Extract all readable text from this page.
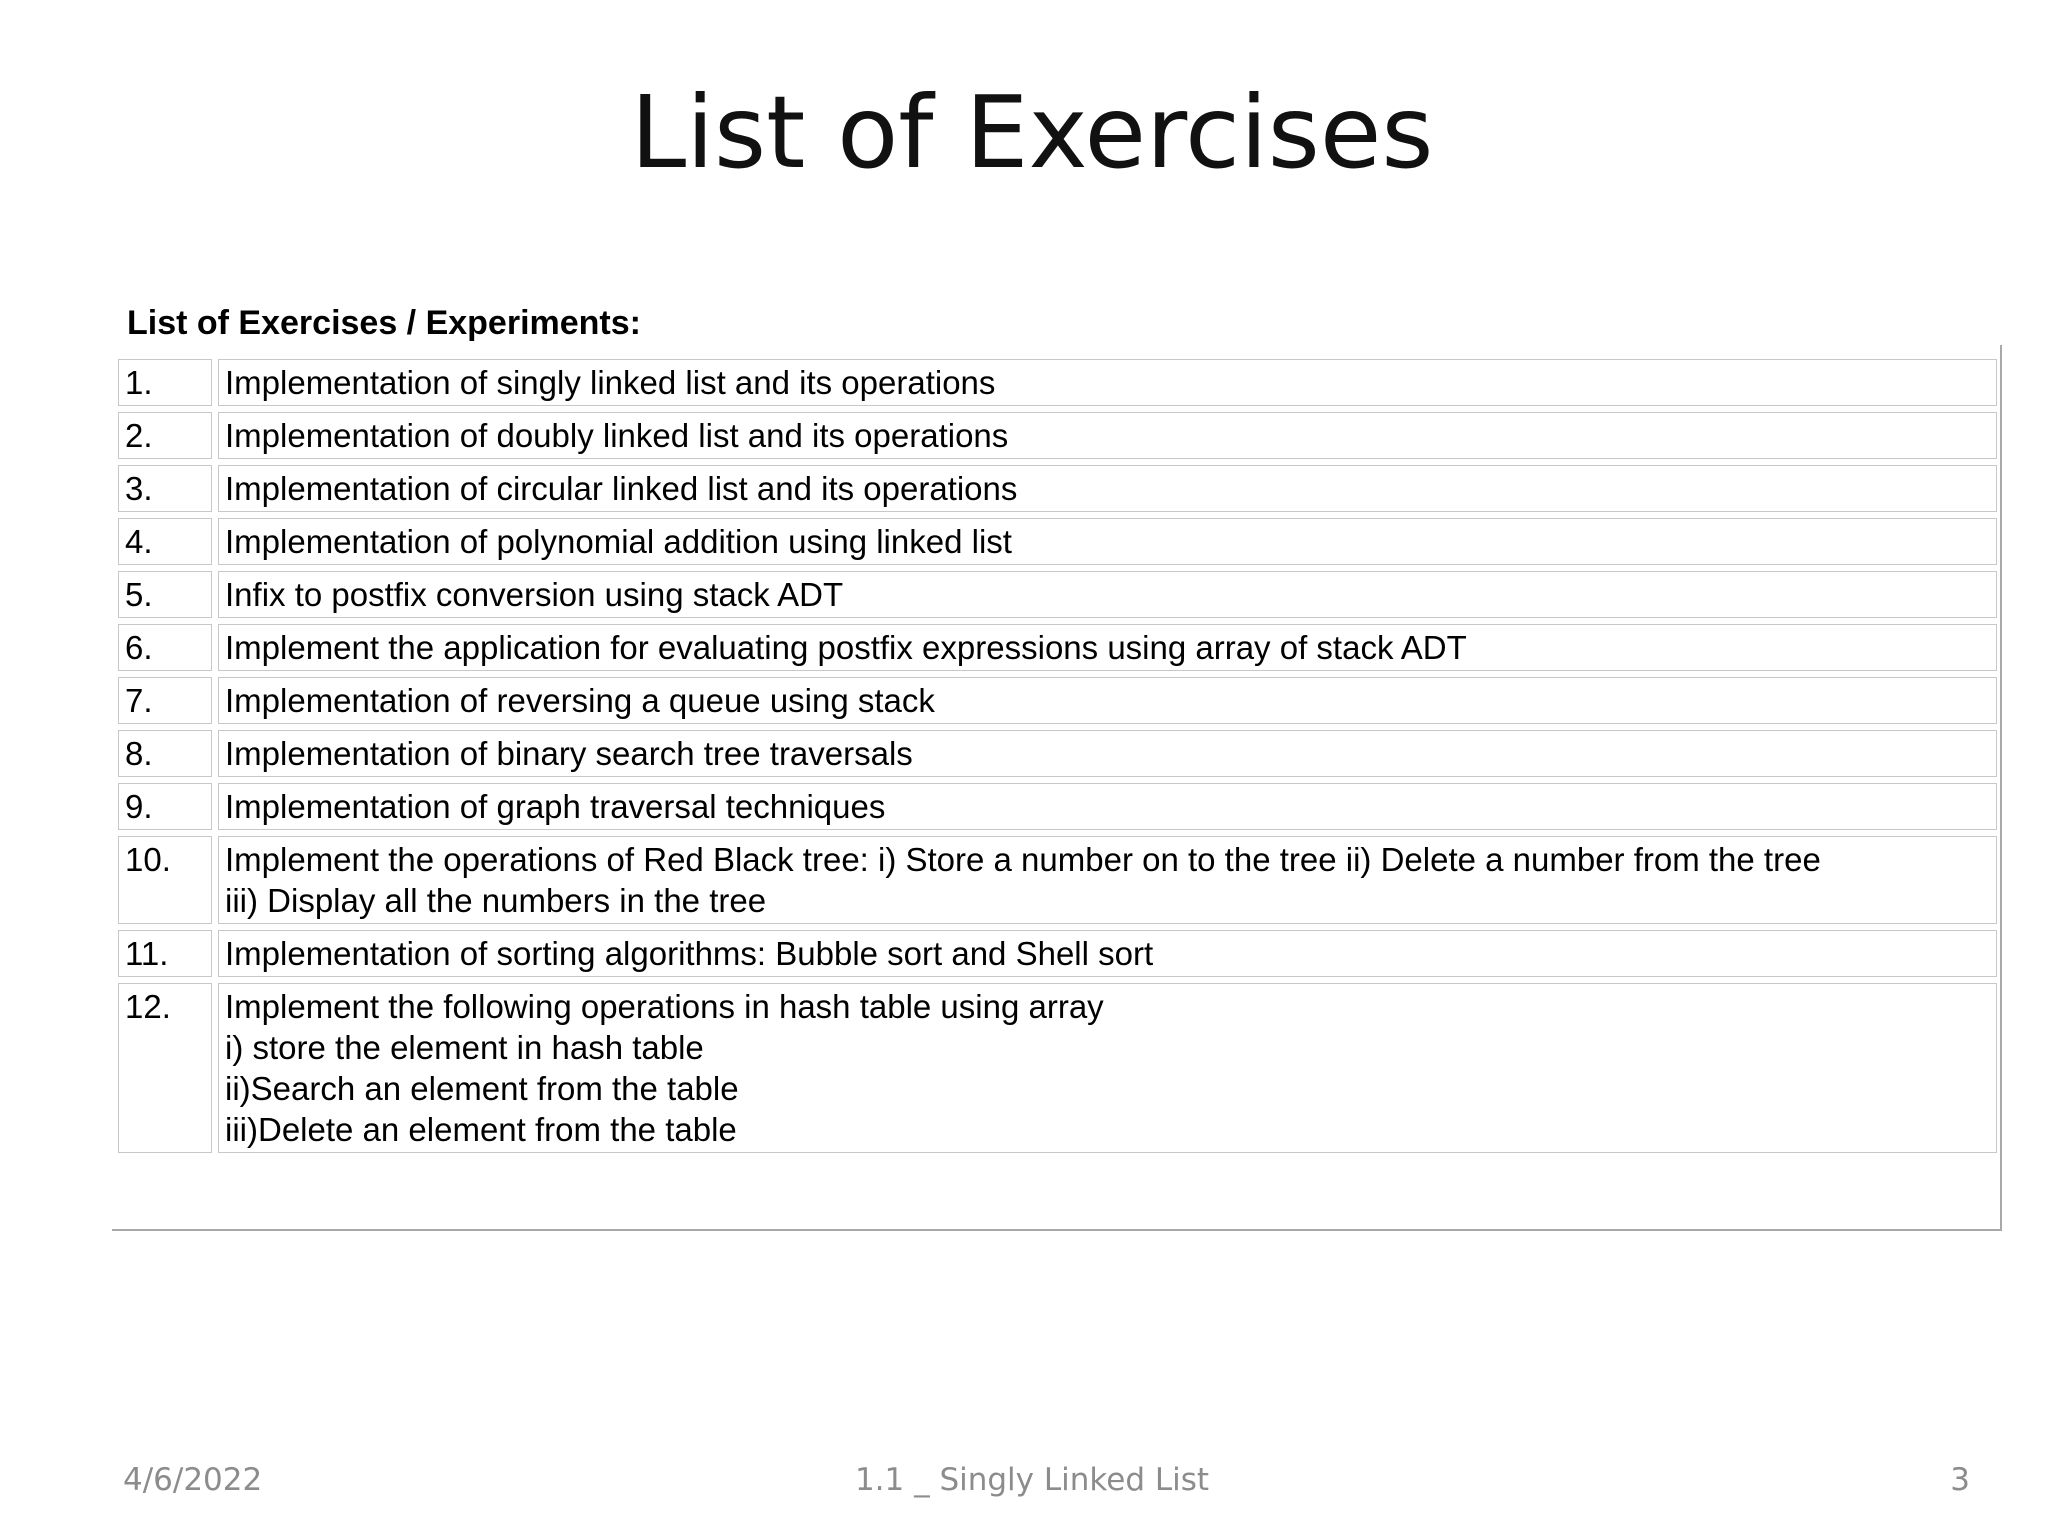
List of Exercises
List of Exercises / Experiments:
1.		Implementation of singly linked list and its operations
2.		Implementation of doubly linked list and its operations
3.		Implementation of circular linked list and its operations
4.		Implementation of polynomial addition using linked list
5.		Infix to postfix conversion using stack ADT
6.		Implement the application for evaluating postfix expressions using array of stack ADT
7.		Implementation of reversing a queue using stack
8.		Implementation of binary search tree traversals
9.		Implementation of graph traversal techniques
10.		Implement the operations of Red Black tree: i) Store a number on to the tree ii) Delete a number from the tree
iii) Display all the numbers in the tree
11.		Implementation of sorting algorithms: Bubble sort and Shell sort
12.		Implement the following operations in hash table using array
i) store the element in hash table
ii)Search an element from the table
iii)Delete an element from the table
4/6/2022	1.1 _ Singly Linked List	3
